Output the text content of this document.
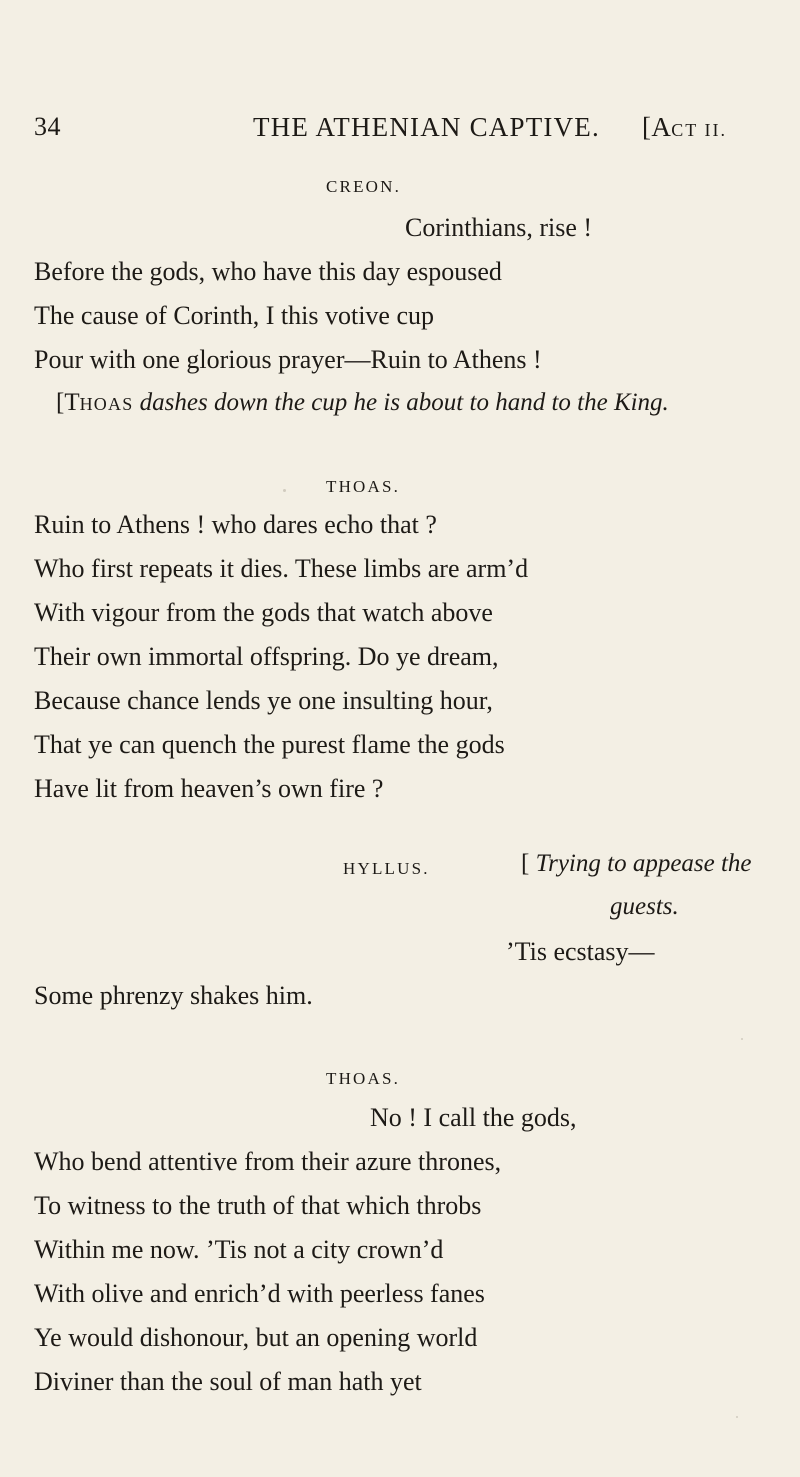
34	THE ATHENIAN CAPTIVE. [ACT II.
CREON.
Corinthians, rise !
Before the gods, who have this day espoused
The cause of Corinth, I this votive cup
Pour with one glorious prayer—Ruin to Athens !
[THOAS dashes down the cup he is about to hand to the King.
THOAS.
Ruin to Athens ! who dares echo that ?
Who first repeats it dies. These limbs are arm’d
With vigour from the gods that watch above
Their own immortal offspring. Do ye dream,
Because chance lends ye one insulting hour,
That ye can quench the purest flame the gods
Have lit from heaven’s own fire ?
HYLLUS.	[ Trying to appease the
guests.
’Tis ecstasy—
Some phrenzy shakes him.
THOAS.
No ! I call the gods,
Who bend attentive from their azure thrones,
To witness to the truth of that which throbs
Within me now. ’Tis not a city crown’d
With olive and enrich’d with peerless fanes
Ye would dishonour, but an opening world
Diviner than the soul of man hath yet
